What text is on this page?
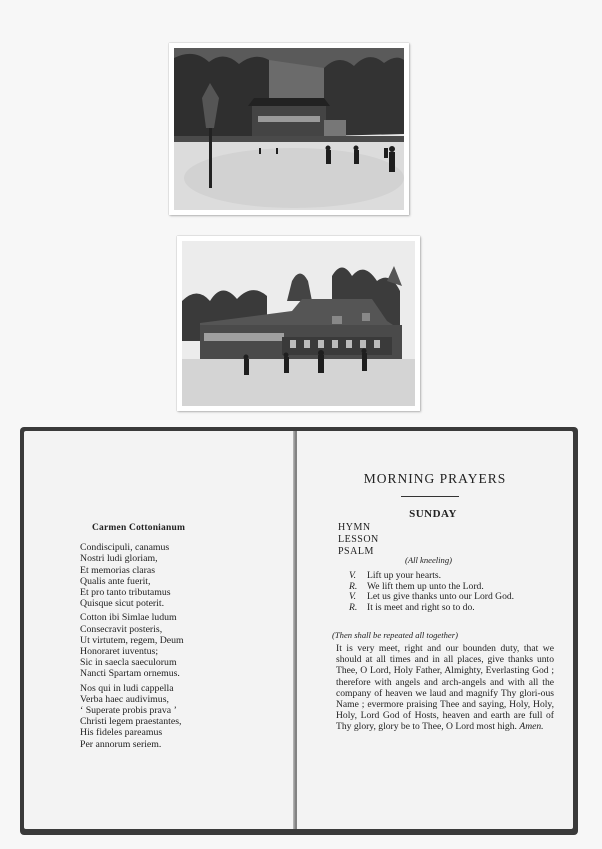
Carmen Cottonianum
Condiscipuli, canamus
Nostri ludi gloriam,
Et memorias claras
Qualis ante fuerit,
Et pro tanto tributamus
Quisque sicut poterit.
Cotton ibi Simlae ludum
Consecravit posteris,
Ut virtutem, regem, Deum
Honoraret iuventus;
Sic in saecla saeculorum
Nancti Spartam ornemus.
Nos qui in ludi cappella
Verba haec audivimus,
‘ Superate probis prava ’
Christi legem praestantes,
His fideles pareamus
Per annorum seriem.
MORNING PRAYERS
SUNDAY
HYMN
LESSON
PSALM
(All kneeling)
V.	Lift up your hearts.
R.	We lift them up unto the Lord.
V.	Let us give thanks unto our Lord God.
R.	It is meet and right so to do.
(Then shall be repeated all together)
It is very meet, right and our bounden duty, that we should at all times and in all places, give thanks unto Thee, O Lord, Holy Father, Almighty, Everlasting God ; therefore with angels and arch-angels and with all the company of heaven we laud and magnify Thy glori-ous Name ; evermore praising Thee and saying, Holy, Holy, Holy, Lord God of Hosts, heaven and earth are full of Thy glory, glory be to Thee, O Lord most high. Amen.
